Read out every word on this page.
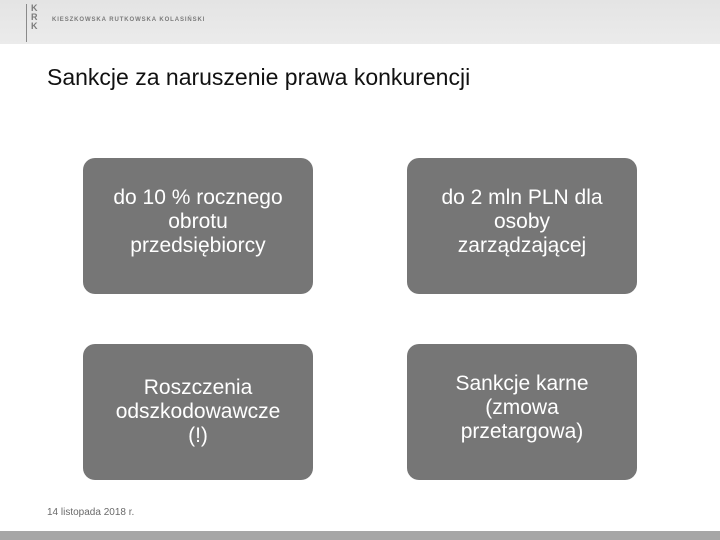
K
R
K
KIESZKOWSKA RUTKOWSKA KOLASIŃSKI
Sankcje za naruszenie prawa konkurencji
do 10 % rocznego
obrotu
przedsiębiorcy
do 2 mln PLN dla
osoby
zarządzającej
Roszczenia
odszkodowawcze
(!)
Sankcje karne
(zmowa
przetargowa)
14 listopada 2018 r.
